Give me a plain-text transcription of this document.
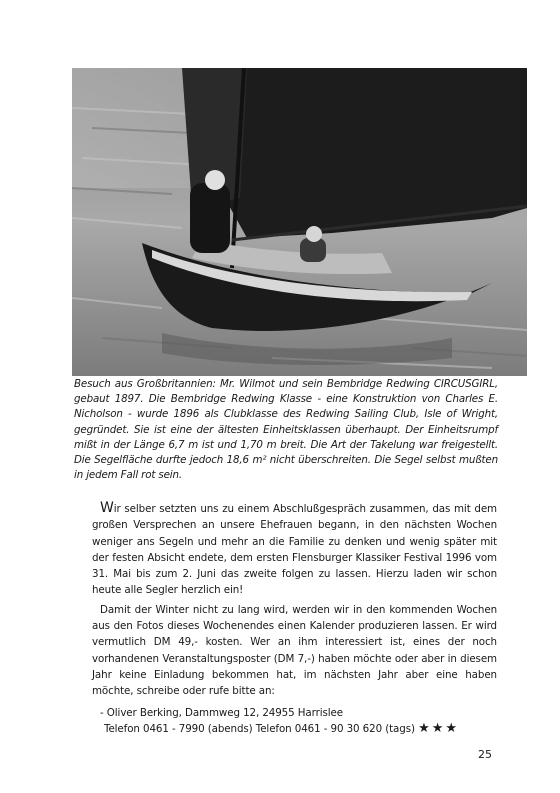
Besuch aus Großbritannien: Mr. Wilmot und sein Bembridge Redwing CIRCUSGIRL, gebaut 1897. Die Bembridge Redwing Klasse - eine Konstruktion von Charles E. Nicholson - wurde 1896 als Clubklasse des Redwing Sailing Club, Isle of Wright, gegründet. Sie ist eine der ältesten Einheitsklassen überhaupt. Der Einheitsrumpf mißt in der Länge 6,7 m ist und 1,70 m breit. Die Art der Takelung war freigestellt. Die Segelfläche durfte jedoch 18,6 m² nicht überschreiten. Die Segel selbst mußten in jedem Fall rot sein.

Wir selber setzten uns zu einem Abschlußgespräch zusammen, das mit dem großen Versprechen an unsere Ehefrauen begann, in den nächsten Wochen weniger ans Segeln und mehr an die Familie zu denken und wenig später mit der festen Absicht endete, dem ersten Flensburger Klassiker Festival 1996 vom 31. Mai bis zum 2. Juni das zweite folgen zu lassen. Hierzu laden wir schon heute alle Segler herzlich ein!

Damit der Winter nicht zu lang wird, werden wir in den kommenden Wochen aus den Fotos dieses Wochenendes einen Kalender produzieren lassen. Er wird vermutlich DM 49,- kosten. Wer an ihm interessiert ist, eines der noch vorhandenen Veranstaltungsposter (DM 7,-) haben möchte oder aber in diesem Jahr keine Einladung bekommen hat, im nächsten Jahr aber eine haben möchte, schreibe oder rufe bitte an:

- Oliver Berking, Dammweg 12, 24955 Harrislee
Telefon 0461 - 7990 (abends) Telefon 0461 - 90 30 620 (tags) ★★★
25
